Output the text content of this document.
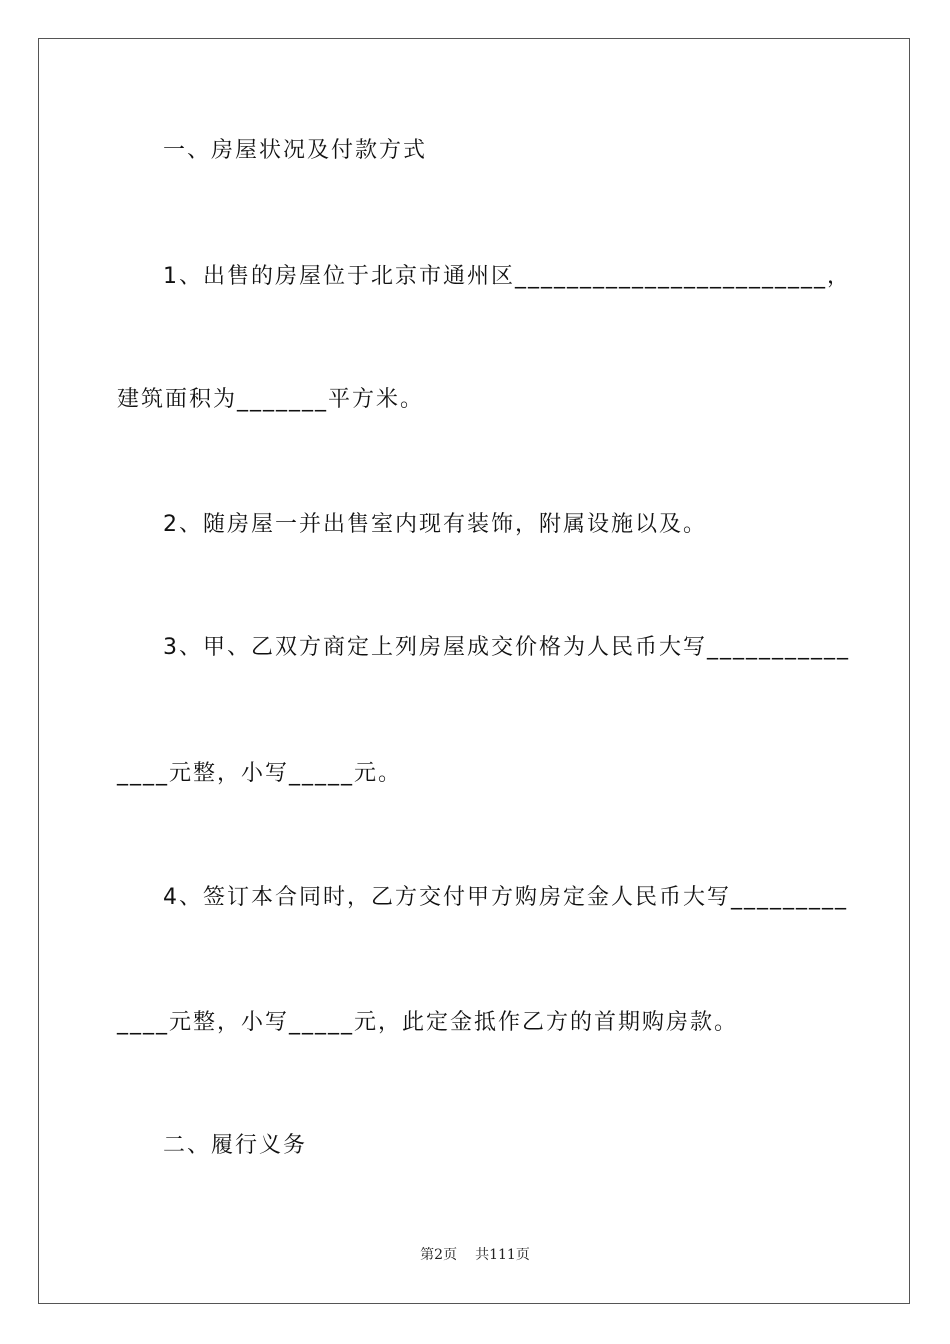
一、房屋状况及付款方式
1、出售的房屋位于北京市通州区________________________，
建筑面积为_______平方米。
2、随房屋一并出售室内现有装饰，附属设施以及。
3、甲、乙双方商定上列房屋成交价格为人民币大写___________
____元整，小写_____元。
4、签订本合同时，乙方交付甲方购房定金人民币大写_________
____元整，小写_____元，此定金抵作乙方的首期购房款。
二、履行义务
第2页 共111页
